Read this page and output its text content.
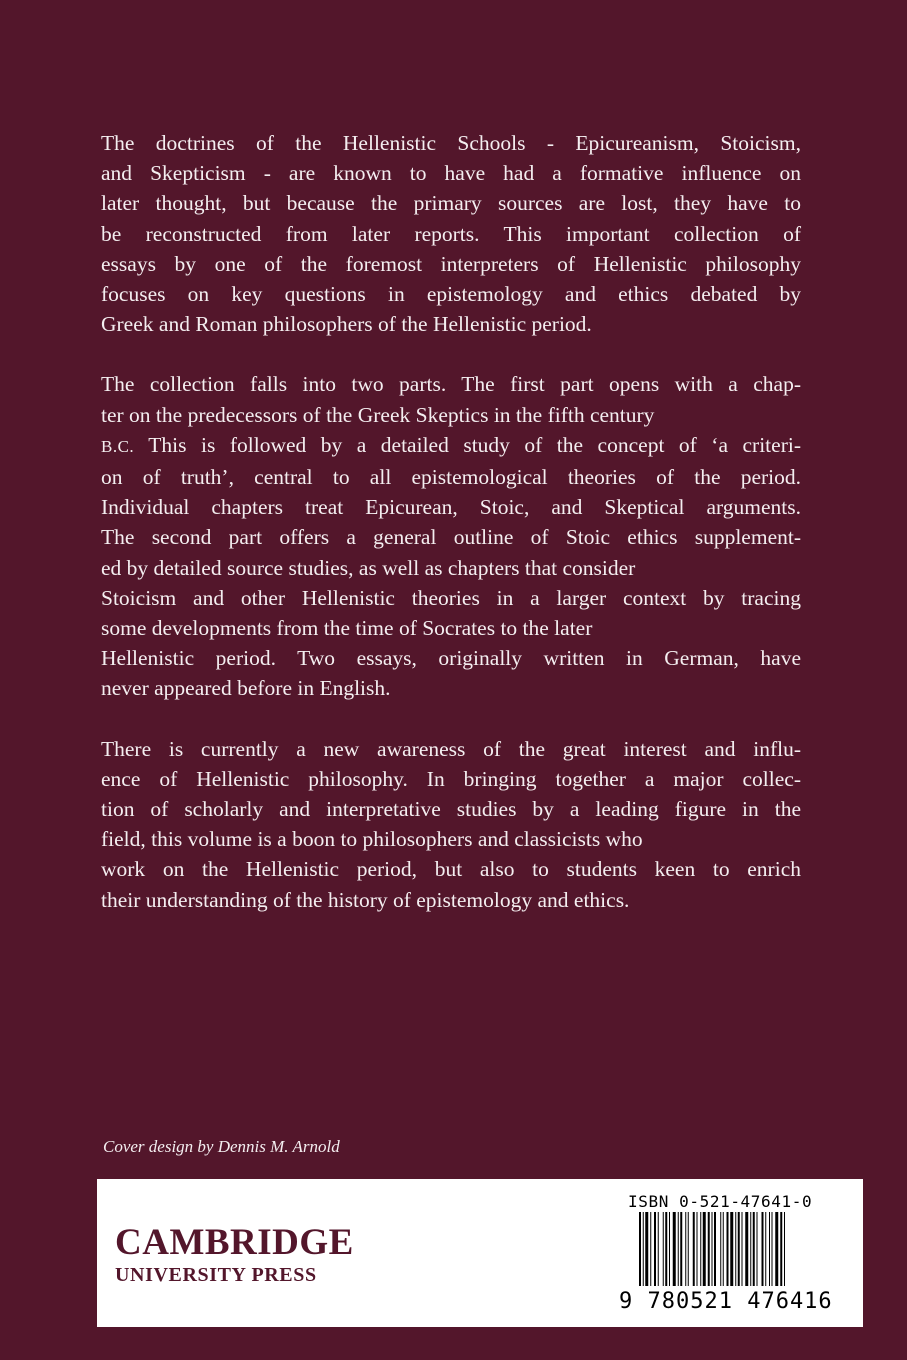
The doctrines of the Hellenistic Schools - Epicureanism, Stoicism,
and Skepticism - are known to have had a formative influence on
later thought, but because the primary sources are lost, they have to
be reconstructed from later reports. This important collection of
essays by one of the foremost interpreters of Hellenistic philosophy
focuses on key questions in epistemology and ethics debated by
Greek and Roman philosophers of the Hellenistic period.
The collection falls into two parts. The first part opens with a chap-
ter on the predecessors of the Greek Skeptics in the fifth century
B.C. This is followed by a detailed study of the concept of ‘a criteri-
on of truth’, central to all epistemological theories of the period.
Individual chapters treat Epicurean, Stoic, and Skeptical arguments.
The second part offers a general outline of Stoic ethics supplement-
ed by detailed source studies, as well as chapters that consider
Stoicism and other Hellenistic theories in a larger context by tracing
some developments from the time of Socrates to the later
Hellenistic period. Two essays, originally written in German, have
never appeared before in English.
There is currently a new awareness of the great interest and influ-
ence of Hellenistic philosophy. In bringing together a major collec-
tion of scholarly and interpretative studies by a leading figure in the
field, this volume is a boon to philosophers and classicists who
work on the Hellenistic period, but also to students keen to enrich
their understanding of the history of epistemology and ethics.
Cover design by Dennis M. Arnold
CAMBRIDGE
UNIVERSITY PRESS
ISBN 0-521-47641-0
9 780521 476416
